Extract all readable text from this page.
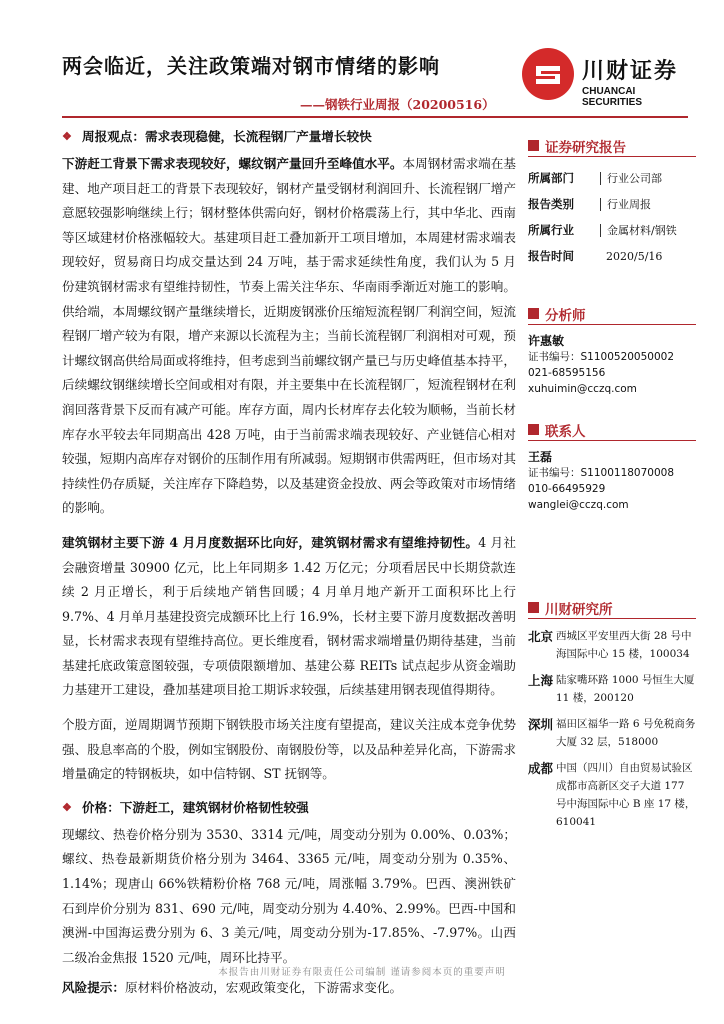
两会临近，关注政策端对钢市情绪的影响
——钢铁行业周报（20200516）
川财证券
CHUANCAI SECURITIES
❖ 周报观点：需求表现稳健，长流程钢厂产量增长较快
下游赶工背景下需求表现较好，螺纹钢产量回升至峰值水平。本周钢材需求端在基建、地产项目赶工的背景下表现较好，钢材产量受钢材利润回升、长流程钢厂增产意愿较强影响继续上行；钢材整体供需向好，钢材价格震荡上行，其中华北、西南等区域建材价格涨幅较大。基建项目赶工叠加新开工项目增加，本周建材需求端表现较好，贸易商日均成交量达到 24 万吨，基于需求延续性角度，我们认为 5 月份建筑钢材需求有望维持韧性，节奏上需关注华东、华南雨季渐近对施工的影响。供给端，本周螺纹钢产量继续增长，近期废钢涨价压缩短流程钢厂利润空间，短流程钢厂增产较为有限，增产来源以长流程为主；当前长流程钢厂利润相对可观，预计螺纹钢高供给局面或将维持，但考虑到当前螺纹钢产量已与历史峰值基本持平，后续螺纹钢继续增长空间或相对有限，并主要集中在长流程钢厂，短流程钢材在利润回落背景下反而有减产可能。库存方面，周内长材库存去化较为顺畅，当前长材库存水平较去年同期高出 428 万吨，由于当前需求端表现较好、产业链信心相对较强，短期内高库存对钢价的压制作用有所减弱。短期钢市供需两旺，但市场对其持续性仍存质疑，关注库存下降趋势，以及基建资金投放、两会等政策对市场情绪的影响。
建筑钢材主要下游 4 月月度数据环比向好，建筑钢材需求有望维持韧性。4 月社会融资增量 30900 亿元，比上年同期多 1.42 万亿元；分项看居民中长期贷款连续 2 月正增长，利于后续地产销售回暖；4 月单月地产新开工面积环比上行 9.7%、4 月单月基建投资完成额环比上行 16.9%，长材主要下游月度数据改善明显，长材需求表现有望维持高位。更长维度看，钢材需求端增量仍期待基建，当前基建托底政策意图较强，专项债限额增加、基建公募 REITs 试点起步从资金端助力基建开工建设，叠加基建项目抢工期诉求较强，后续基建用钢表现值得期待。
个股方面，逆周期调节预期下钢铁股市场关注度有望提高，建议关注成本竞争优势强、股息率高的个股，例如宝钢股份、南钢股份等，以及品种差异化高，下游需求增量确定的特钢板块，如中信特钢、ST 抚钢等。
❖ 价格：下游赶工，建筑钢材价格韧性较强
现螺纹、热卷价格分别为 3530、3314 元/吨，周变动分别为 0.00%、0.03%；螺纹、热卷最新期货价格分别为 3464、3365 元/吨，周变动分别为 0.35%、1.14%；现唐山 66%铁精粉价格 768 元/吨，周涨幅 3.79%。巴西、澳洲铁矿石到岸价分别为 831、690 元/吨，周变动分别为 4.40%、2.99%。巴西-中国和澳洲-中国海运费分别为 6、3 美元/吨，周变动分别为-17.85%、-7.97%。山西二级冶金焦报 1520 元/吨，周环比持平。
风险提示：原材料价格波动，宏观政策变化，下游需求变化。
证券研究报告
所属部门	行业公司部
报告类别	行业周报
所属行业	金属材料/钢铁
报告时间	2020/5/16
分析师
许惠敏
证书编号：S1100520050002
021-68595156
xuhuimin@cczq.com
联系人
王磊
证书编号：S1100118070008
010-66495929
wanglei@cczq.com
川财研究所
北京 西城区平安里西大街 28 号中海国际中心 15 楼，100034
上海 陆家嘴环路 1000 号恒生大厦 11 楼，200120
深圳 福田区福华一路 6 号免税商务大厦 32 层，518000
成都 中国（四川）自由贸易试验区成都市高新区交子大道 177 号中海国际中心 B 座 17 楼，610041
本报告由川财证券有限责任公司编制 谨请参阅本页的重要声明
